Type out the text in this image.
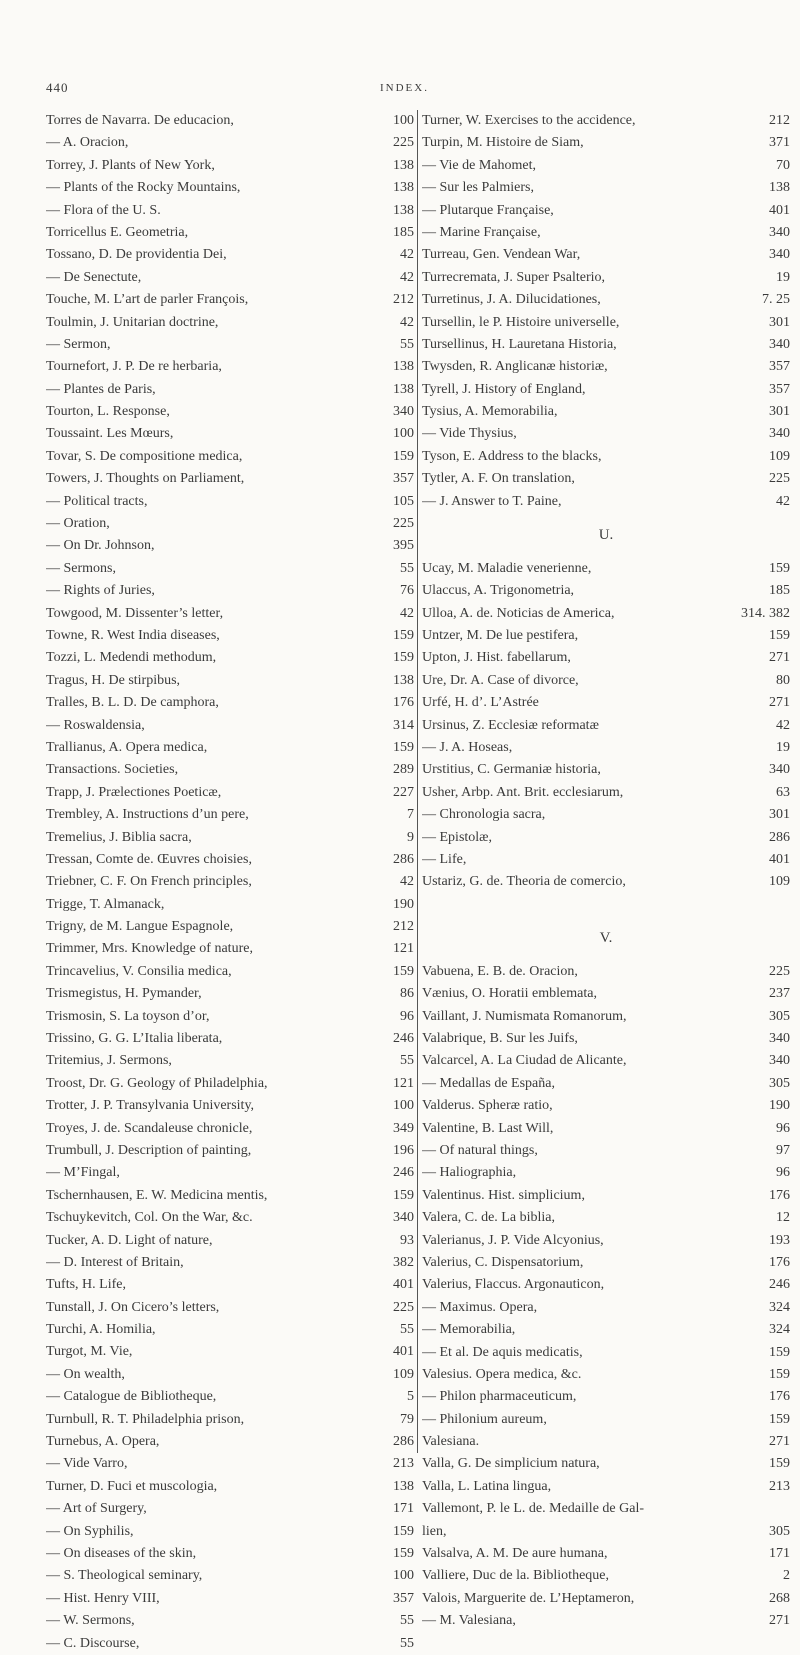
440	INDEX.
Torres de Navarra. De educacion,	100
— A. Oracion,	225
Torrey, J. Plants of New York,	138
— Plants of the Rocky Mountains,	138
— Flora of the U. S.	138
Torricellus E. Geometria,	185
Tossano, D. De providentia Dei,	42
— De Senectute,	42
Touche, M. L’art de parler François,	212
Toulmin, J. Unitarian doctrine,	42
— Sermon,	55
Tournefort, J. P. De re herbaria,	138
— Plantes de Paris,	138
Tourton, L. Response,	340
Toussaint. Les Mœurs,	100
Tovar, S. De compositione medica,	159
Towers, J. Thoughts on Parliament,	357
— Political tracts,	105
— Oration,	225
— On Dr. Johnson,	395
— Sermons,	55
— Rights of Juries,	76
Towgood, M. Dissenter’s letter,	42
Towne, R. West India diseases,	159
Tozzi, L. Medendi methodum,	159
Tragus, H. De stirpibus,	138
Tralles, B. L. D. De camphora,	176
— Roswaldensia,	314
Trallianus, A. Opera medica,	159
Transactions. Societies,	289
Trapp, J. Prælectiones Poeticæ,	227
Trembley, A. Instructions d’un pere,	7
Tremelius, J. Biblia sacra,	9
Tressan, Comte de. Œuvres choisies,	286
Triebner, C. F. On French principles,	42
Trigge, T. Almanack,	190
Trigny, de M. Langue Espagnole,	212
Trimmer, Mrs. Knowledge of nature,	121
Trincavelius, V. Consilia medica,	159
Trismegistus, H. Pymander,	86
Trismosin, S. La toyson d’or,	96
Trissino, G. G. L’Italia liberata,	246
Tritemius, J. Sermons,	55
Troost, Dr. G. Geology of Philadelphia,	121
Trotter, J. P. Transylvania University,	100
Troyes, J. de. Scandaleuse chronicle,	349
Trumbull, J. Description of painting,	196
— M’Fingal,	246
Tschernhausen, E. W. Medicina mentis,	159
Tschuykevitch, Col. On the War, &c.	340
Tucker, A. D. Light of nature,	93
— D. Interest of Britain,	382
Tufts, H. Life,	401
Tunstall, J. On Cicero’s letters,	225
Turchi, A. Homilia,	55
Turgot, M. Vie,	401
— On wealth,	109
— Catalogue de Bibliotheque,	5
Turnbull, R. T. Philadelphia prison,	79
Turnebus, A. Opera,	286
— Vide Varro,	213
Turner, D. Fuci et muscologia,	138
— Art of Surgery,	171
— On Syphilis,	159
— On diseases of the skin,	159
— S. Theological seminary,	100
— Hist. Henry VIII,	357
— W. Sermons,	55
— C. Discourse,	55
Turner, W. Exercises to the accidence,	212
Turpin, M. Histoire de Siam,	371
— Vie de Mahomet,	70
— Sur les Palmiers,	138
— Plutarque Française,	401
— Marine Française,	340
Turreau, Gen. Vendean War,	340
Turrecremata, J. Super Psalterio,	19
Turretinus, J. A. Dilucidationes,	7. 25
Tursellin, le P. Histoire universelle,	301
Tursellinus, H. Lauretana Historia,	340
Twysden, R. Anglicanæ historiæ,	357
Tyrell, J. History of England,	357
Tysius, A. Memorabilia,	301
— Vide Thysius,	340
Tyson, E. Address to the blacks,	109
Tytler, A. F. On translation,	225
— J. Answer to T. Paine,	42
U.
Ucay, M. Maladie venerienne,	159
Ulaccus, A. Trigonometria,	185
Ulloa, A. de. Noticias de America,	314. 382
Untzer, M. De lue pestifera,	159
Upton, J. Hist. fabellarum,	271
Ure, Dr. A. Case of divorce,	80
Urfé, H. d’. L’Astrée	271
Ursinus, Z. Ecclesiæ reformatæ	42
— J. A. Hoseas,	19
Urstitius, C. Germaniæ historia,	340
Usher, Arbp. Ant. Brit. ecclesiarum,	63
— Chronologia sacra,	301
— Epistolæ,	286
— Life,	401
Ustariz, G. de. Theoria de comercio,	109
V.
Vabuena, E. B. de. Oracion,	225
Vænius, O. Horatii emblemata,	237
Vaillant, J. Numismata Romanorum,	305
Valabrique, B. Sur les Juifs,	340
Valcarcel, A. La Ciudad de Alicante,	340
— Medallas de España,	305
Valderus. Spheræ ratio,	190
Valentine, B. Last Will,	96
— Of natural things,	97
— Haliographia,	96
Valentinus. Hist. simplicium,	176
Valera, C. de. La biblia,	12
Valerianus, J. P. Vide Alcyonius,	193
Valerius, C. Dispensatorium,	176
Valerius, Flaccus. Argonauticon,	246
— Maximus. Opera,	324
— Memorabilia,	324
— Et al. De aquis medicatis,	159
Valesius. Opera medica, &c.	159
— Philon pharmaceuticum,	176
— Philonium aureum,	159
Valesiana.	271
Valla, G. De simplicium natura,	159
Valla, L. Latina lingua,	213
Vallemont, P. le L. de. Medaille de Gal-
lien,	305
Valsalva, A. M. De aure humana,	171
Valliere, Duc de la. Bibliotheque,	2
Valois, Marguerite de. L’Heptameron,	268
— M. Valesiana,	271
